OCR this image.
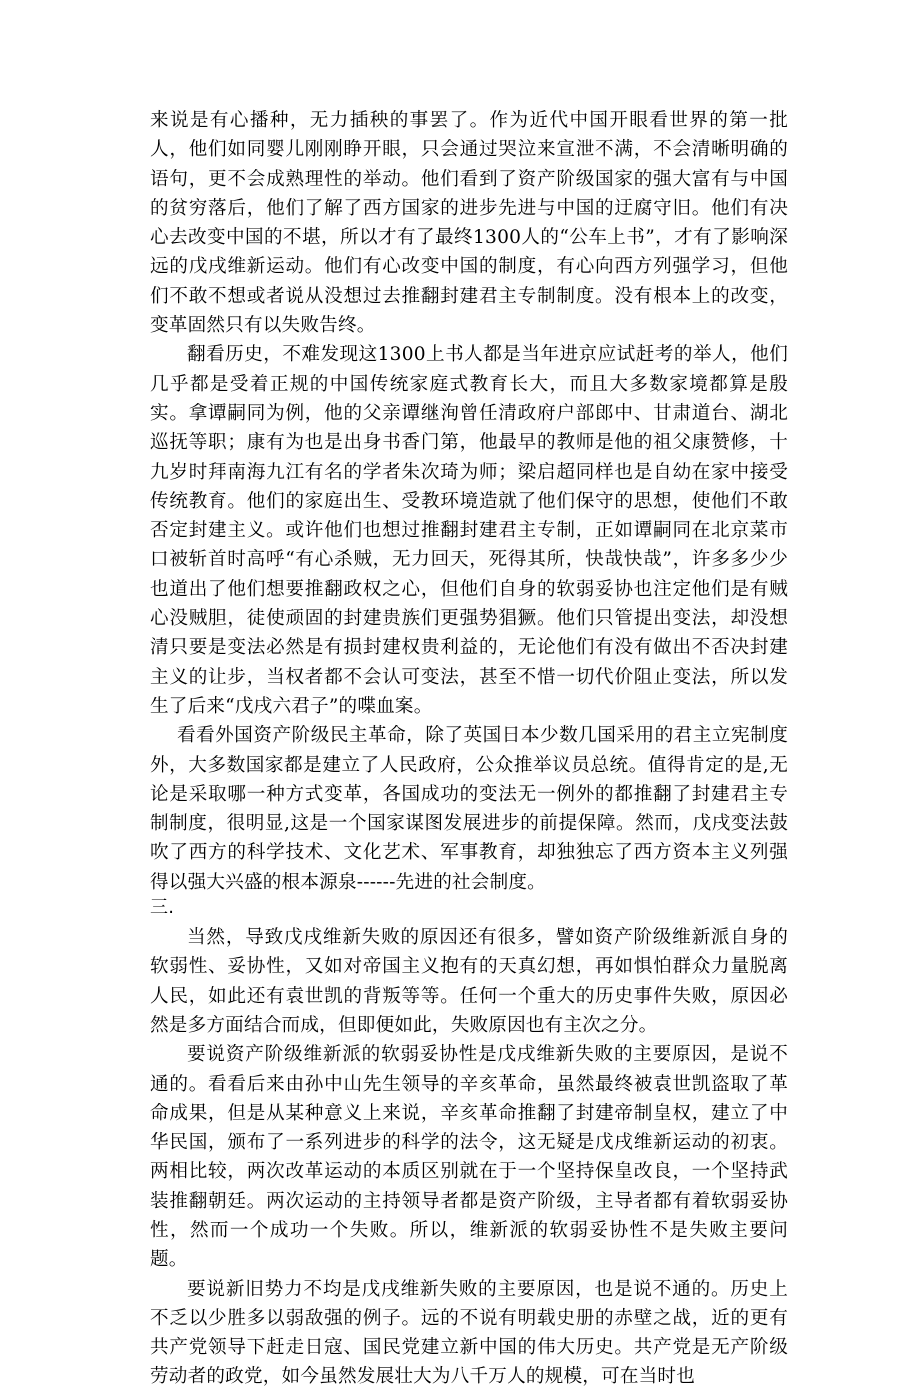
来说是有心播种，无力插秧的事罢了。作为近代中国开眼看世界的第一批人，他们如同婴儿刚刚睁开眼，只会通过哭泣来宣泄不满，不会清晰明确的语句，更不会成熟理性的举动。他们看到了资产阶级国家的强大富有与中国的贫穷落后，他们了解了西方国家的进步先进与中国的迂腐守旧。他们有决心去改变中国的不堪，所以才有了最终1300人的“公车上书”，才有了影响深远的戊戌维新运动。他们有心改变中国的制度，有心向西方列强学习，但他们不敢不想或者说从没想过去推翻封建君主专制制度。没有根本上的改变，变革固然只有以失败告终。

翻看历史，不难发现这1300上书人都是当年进京应试赶考的举人，他们几乎都是受着正规的中国传统家庭式教育长大，而且大多数家境都算是殷实。拿谭嗣同为例，他的父亲谭继洵曾任清政府户部郎中、甘肃道台、湖北巡抚等职；康有为也是出身书香门第，他最早的教师是他的祖父康赞修，十九岁时拜南海九江有名的学者朱次琦为师；梁启超同样也是自幼在家中接受传统教育。他们的家庭出生、受教环境造就了他们保守的思想，使他们不敢否定封建主义。或许他们也想过推翻封建君主专制，正如谭嗣同在北京菜市口被斩首时高呼“有心杀贼，无力回天，死得其所，快哉快哉”，许多多少少也道出了他们想要推翻政权之心，但他们自身的软弱妥协也注定他们是有贼心没贼胆，徒使顽固的封建贵族们更强势猖獗。他们只管提出变法，却没想清只要是变法必然是有损封建权贵利益的，无论他们有没有做出不否决封建主义的让步，当权者都不会认可变法，甚至不惜一切代价阻止变法，所以发生了后来“戊戌六君子”的喋血案。

看看外国资产阶级民主革命，除了英国日本少数几国采用的君主立宪制度外，大多数国家都是建立了人民政府，公众推举议员总统。值得肯定的是,无论是采取哪一种方式变革，各国成功的变法无一例外的都推翻了封建君主专制制度，很明显,这是一个国家谋图发展进步的前提保障。然而，戊戌变法鼓吹了西方的科学技术、文化艺术、军事教育，却独独忘了西方资本主义列强得以强大兴盛的根本源泉------先进的社会制度。

三.

当然，导致戊戌维新失败的原因还有很多，譬如资产阶级维新派自身的软弱性、妥协性，又如对帝国主义抱有的天真幻想，再如惧怕群众力量脱离人民，如此还有袁世凯的背叛等等。任何一个重大的历史事件失败，原因必然是多方面结合而成，但即便如此，失败原因也有主次之分。

要说资产阶级维新派的软弱妥协性是戊戌维新失败的主要原因，是说不通的。看看后来由孙中山先生领导的辛亥革命，虽然最终被袁世凯盗取了革命成果，但是从某种意义上来说，辛亥革命推翻了封建帝制皇权，建立了中华民国，颁布了一系列进步的科学的法令，这无疑是戊戌维新运动的初衷。两相比较，两次改革运动的本质区别就在于一个坚持保皇改良，一个坚持武装推翻朝廷。两次运动的主持领导者都是资产阶级，主导者都有着软弱妥协性，然而一个成功一个失败。所以，维新派的软弱妥协性不是失败主要问题。

要说新旧势力不均是戊戌维新失败的主要原因，也是说不通的。历史上不乏以少胜多以弱敌强的例子。远的不说有明载史册的赤壁之战，近的更有共产党领导下赶走日寇、国民党建立新中国的伟大历史。共产党是无产阶级劳动者的政党，如今虽然发展壮大为八千万人的规模，可在当时也
